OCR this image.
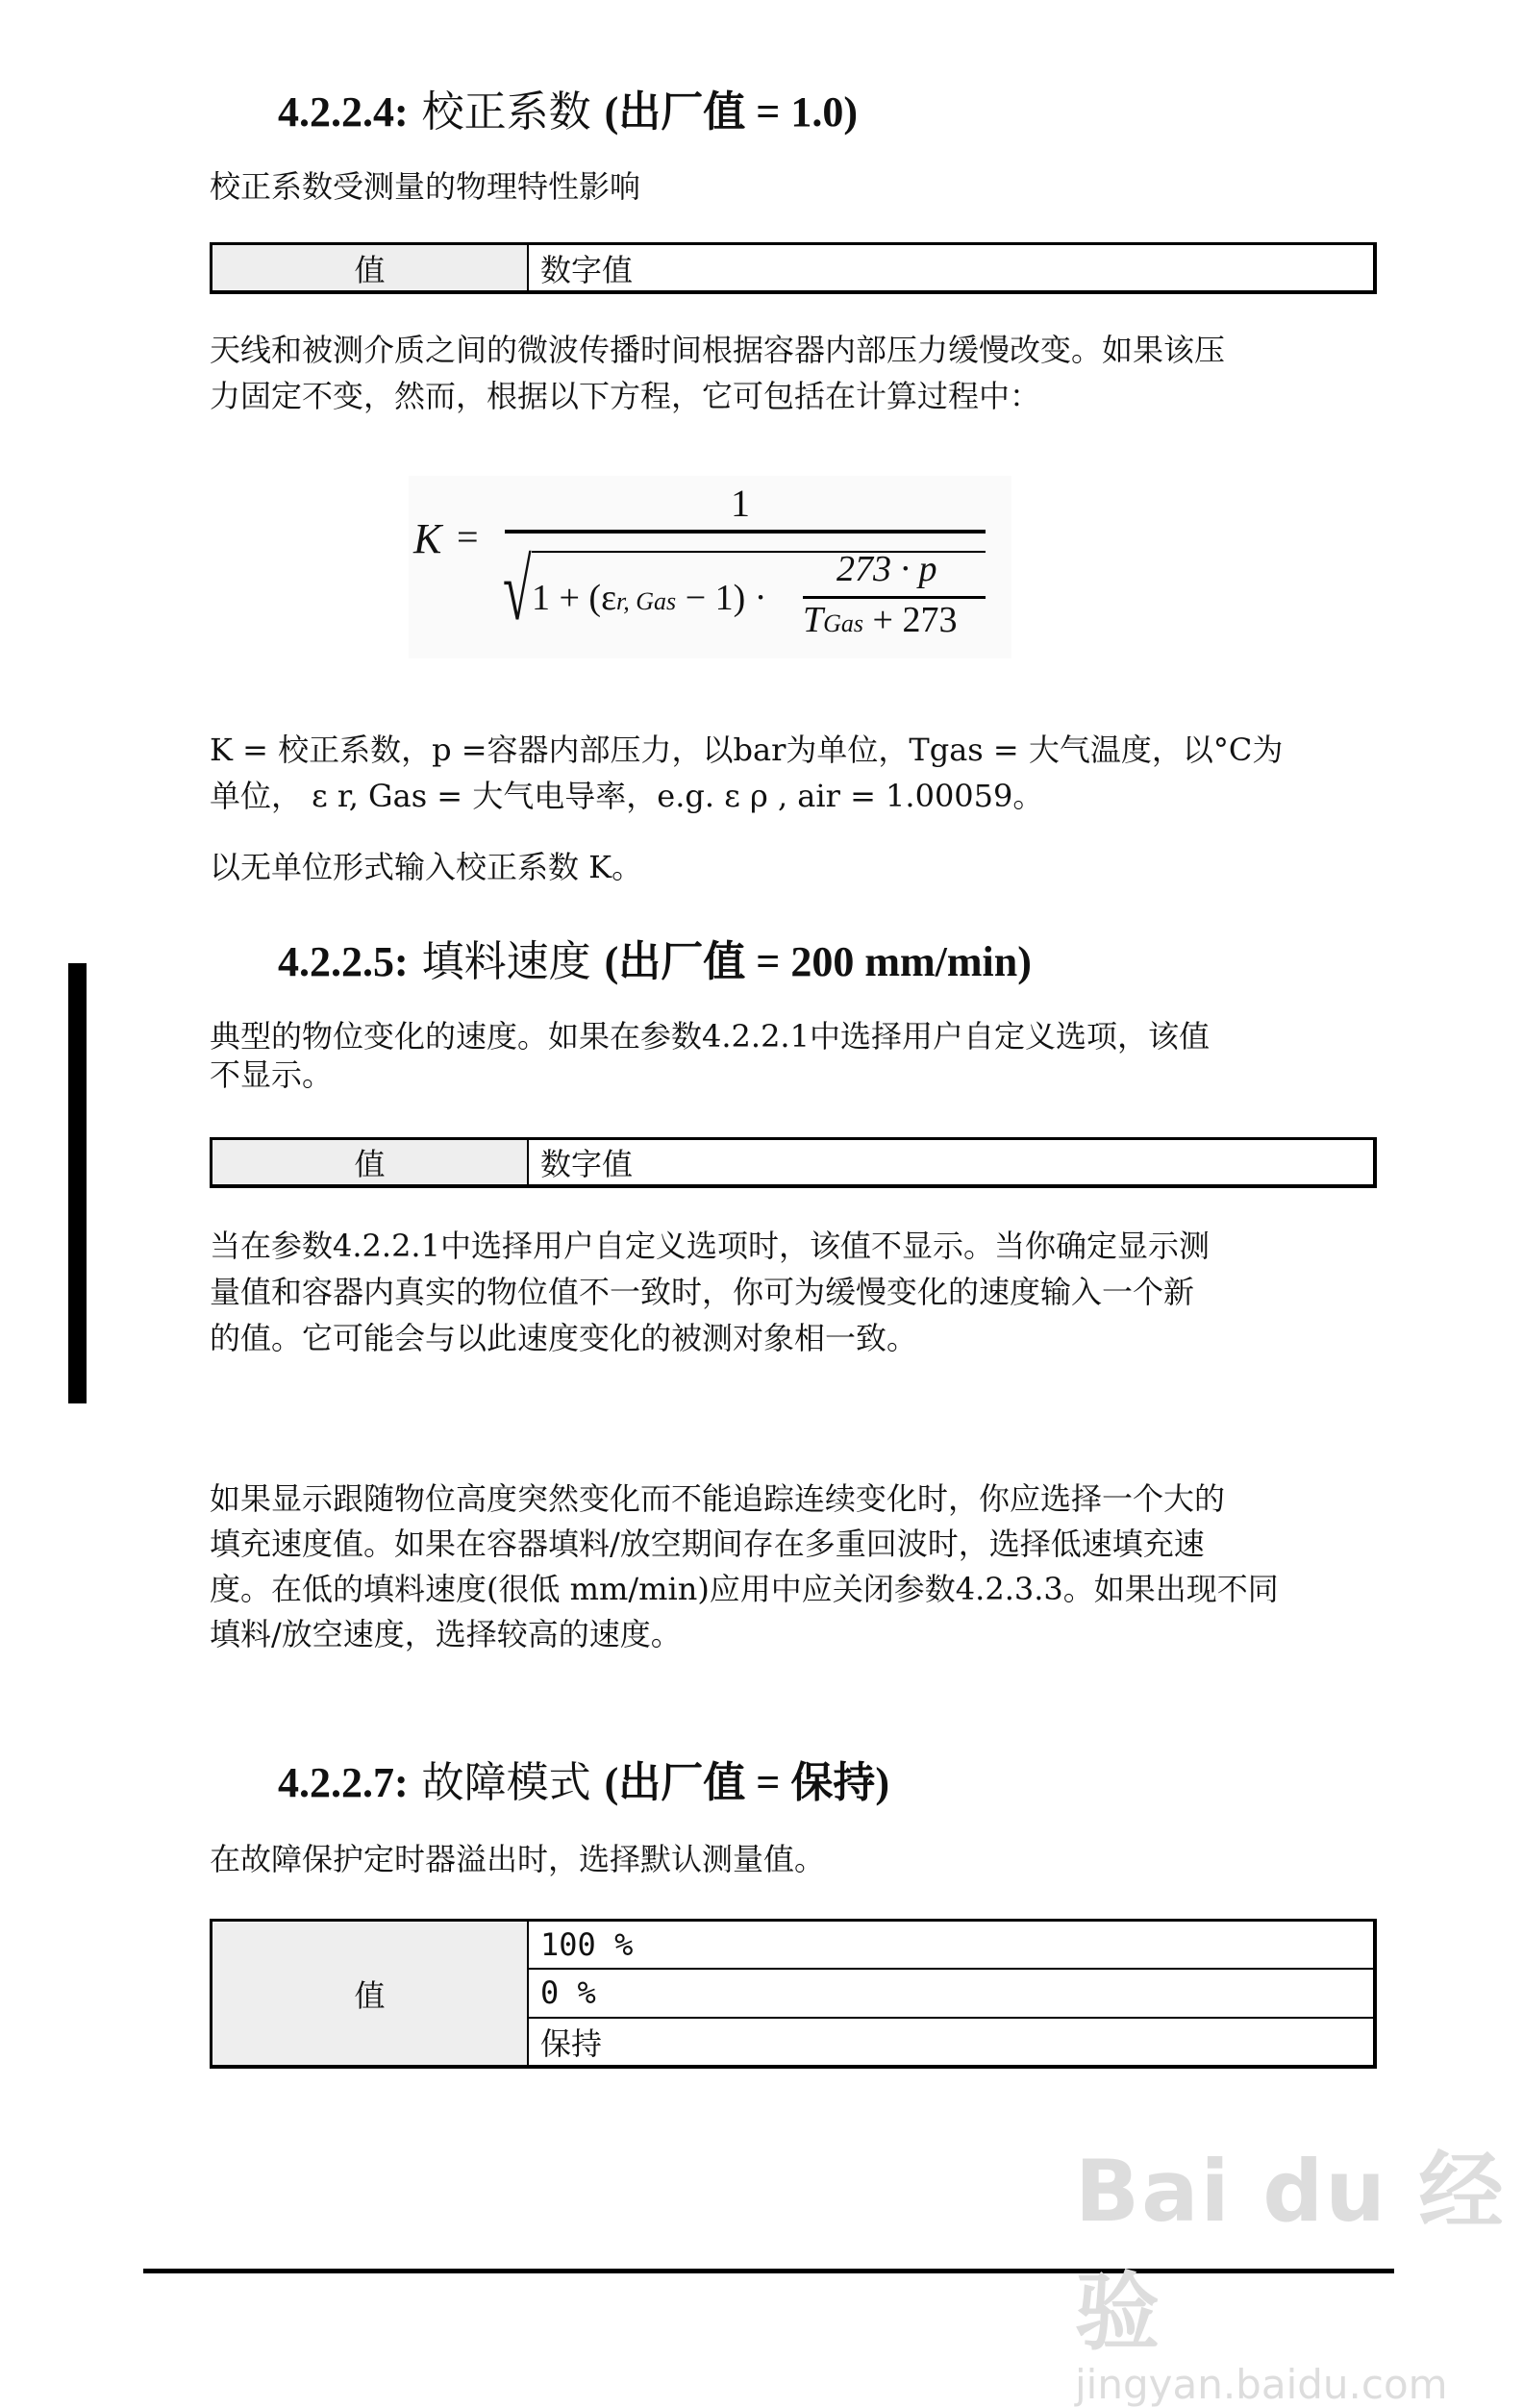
4.2.2.4: 校正系数 (出厂值 = 1.0)
校正系数受测量的物理特性影响
值	数字值
天线和被测介质之间的微波传播时间根据容器内部压力缓慢改变。如果该压
力固定不变，然而，根据以下方程，它可包括在计算过程中：
K =
1
√ 1 + (εr, Gas − 1) ·
273 · p
TGas + 273
K = 校正系数，p =容器内部压力，以bar为单位，Tgas = 大气温度，以°C为
单位， ε r, Gas = 大气电导率，e.g. ε ρ , air = 1.00059。
以无单位形式输入校正系数 K。
4.2.2.5: 填料速度 (出厂值 = 200 mm/min)
典型的物位变化的速度。如果在参数4.2.2.1中选择用户自定义选项，该值
不显示。
值	数字值
当在参数4.2.2.1中选择用户自定义选项时，该值不显示。当你确定显示测
量值和容器内真实的物位值不一致时，你可为缓慢变化的速度输入一个新
的值。它可能会与以此速度变化的被测对象相一致。
如果显示跟随物位高度突然变化而不能追踪连续变化时，你应选择一个大的
填充速度值。如果在容器填料/放空期间存在多重回波时，选择低速填充速
度。在低的填料速度(很低 mm/min)应用中应关闭参数4.2.3.3。如果出现不同
填料/放空速度，选择较高的速度。
4.2.2.7: 故障模式 (出厂值 = 保持)
在故障保护定时器溢出时，选择默认测量值。
值
100 %
0 %
保持
Bai du 经验
jingyan.baidu.com
